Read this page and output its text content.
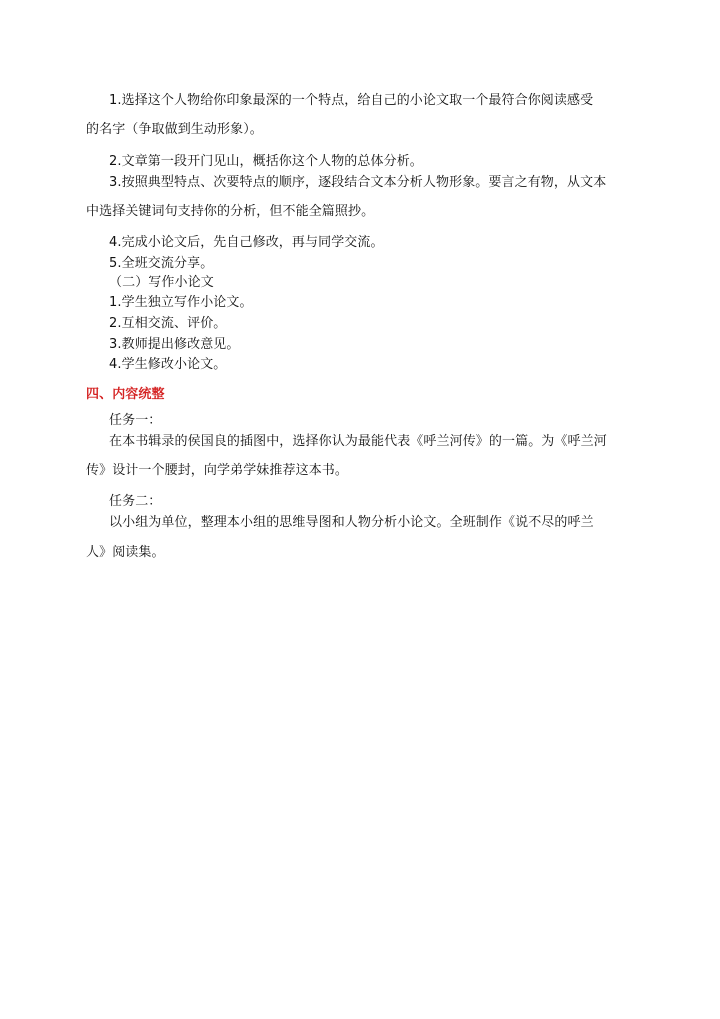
1.选择这个人物给你印象最深的一个特点，给自己的小论文取一个最符合你阅读感受
的名字（争取做到生动形象）。
2.文章第一段开门见山，概括你这个人物的总体分析。
3.按照典型特点、次要特点的顺序，逐段结合文本分析人物形象。要言之有物，从文本
中选择关键词句支持你的分析，但不能全篇照抄。
4.完成小论文后，先自己修改，再与同学交流。
5.全班交流分享。
（二）写作小论文
1.学生独立写作小论文。
2.互相交流、评价。
3.教师提出修改意见。
4.学生修改小论文。
四、内容统整
任务一：
在本书辑录的侯国良的插图中，选择你认为最能代表《呼兰河传》的一篇。为《呼兰河
传》设计一个腰封，向学弟学妹推荐这本书。
任务二：
以小组为单位，整理本小组的思维导图和人物分析小论文。全班制作《说不尽的呼兰
人》阅读集。
